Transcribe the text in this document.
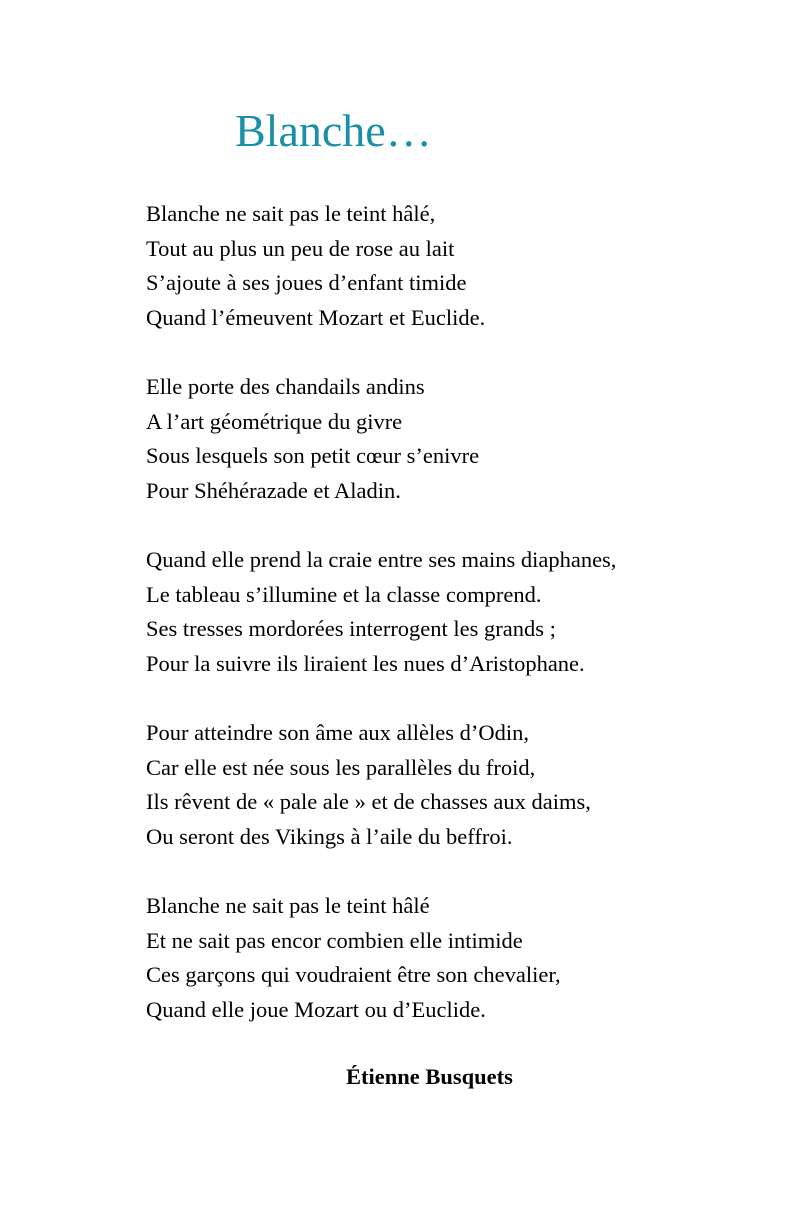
Blanche…
Blanche ne sait pas le teint hâlé,
Tout au plus un peu de rose au lait
S’ajoute à ses joues d’enfant timide
Quand l’émeuvent Mozart et Euclide.
Elle porte des chandails andins
A l’art géométrique du givre
Sous lesquels son petit cœur s’enivre
Pour Shéhérazade et Aladin.
Quand elle prend la craie entre ses mains diaphanes,
Le tableau s’illumine et la classe comprend.
Ses tresses mordorées interrogent les grands ;
Pour la suivre ils liraient les nues d’Aristophane.
Pour atteindre son âme aux allèles d’Odin,
Car elle est née sous les parallèles du froid,
Ils rêvent de « pale ale » et de chasses aux daims,
Ou seront des Vikings à l’aile du beffroi.
Blanche ne sait pas le teint hâlé
Et ne sait pas encor combien elle intimide
Ces garçons qui voudraient être son chevalier,
Quand elle joue Mozart ou d’Euclide.
Étienne Busquets
